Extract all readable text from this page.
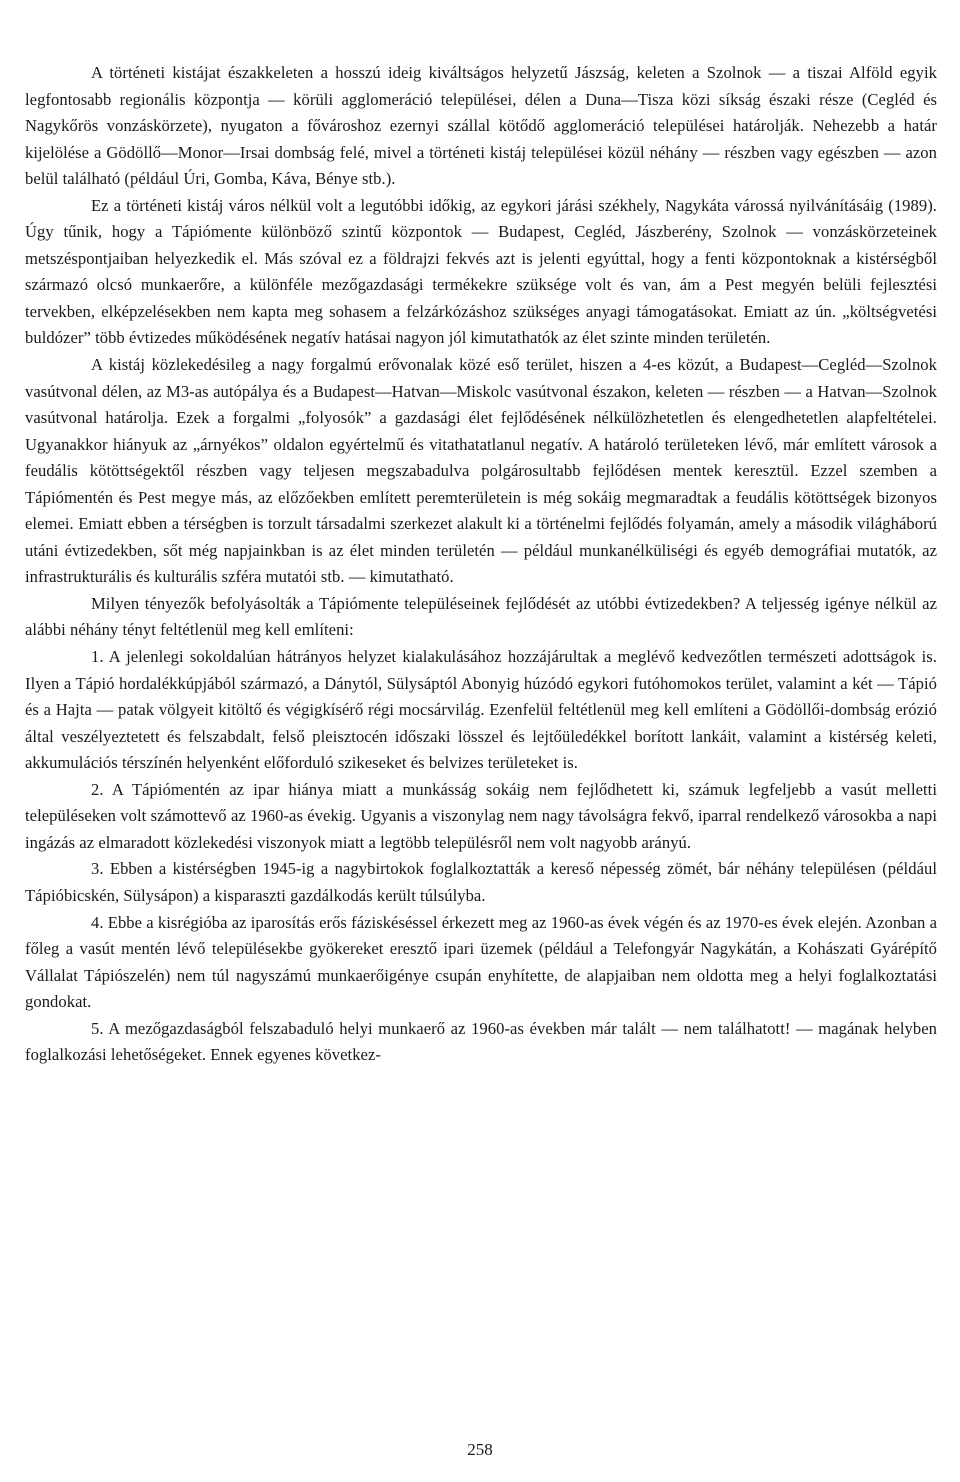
A történeti kistájat északkeleten a hosszú ideig kiváltságos helyzetű Jászság, keleten a Szolnok — a tiszai Alföld egyik legfontosabb regionális központja — körüli agglomeráció települései, délen a Duna—Tisza közi síkság északi része (Cegléd és Nagykőrös vonzáskörzete), nyugaton a fővároshoz ezernyi szállal kötődő agglomeráció települései határolják. Nehezebb a határ kijelölése a Gödöllő—Monor—Irsai dombság felé, mivel a történeti kistáj települései közül néhány — részben vagy egészben — azon belül található (például Úri, Gomba, Káva, Bénye stb.).

Ez a történeti kistáj város nélkül volt a legutóbbi időkig, az egykori járási székhely, Nagykáta várossá nyilvánításáig (1989). Úgy tűnik, hogy a Tápiómente különböző szintű központok — Budapest, Cegléd, Jászberény, Szolnok — vonzáskörzeteinek metszéspontjaiban helyezkedik el. Más szóval ez a földrajzi fekvés azt is jelenti egyúttal, hogy a fenti központoknak a kistérségből származó olcsó munkaerőre, a különféle mezőgazdasági termékekre szüksége volt és van, ám a Pest megyén belüli fejlesztési tervekben, elképzelésekben nem kapta meg sohasem a felzárkózáshoz szükséges anyagi támogatásokat. Emiatt az ún. „költségvetési buldózer” több évtizedes működésének negatív hatásai nagyon jól kimutathatók az élet szinte minden területén.

A kistáj közlekedésileg a nagy forgalmú erővonalak közé eső terület, hiszen a 4-es közút, a Budapest—Cegléd—Szolnok vasútvonal délen, az M3-as autópálya és a Budapest—Hatvan—Miskolc vasútvonal északon, keleten — részben — a Hatvan—Szolnok vasútvonal határolja. Ezek a forgalmi „folyosók” a gazdasági élet fejlődésének nélkülözhetetlen és elengedhetetlen alapfeltételei. Ugyanakkor hiányuk az „árnyékos” oldalon egyértelmű és vitathatatlanul negatív. A határoló területeken lévő, már említett városok a feudális kötöttségektől részben vagy teljesen megszabadulva polgárosultabb fejlődésen mentek keresztül. Ezzel szemben a Tápiómentén és Pest megye más, az előzőekben említett peremterületein is még sokáig megmaradtak a feudális kötöttségek bizonyos elemei. Emiatt ebben a térségben is torzult társadalmi szerkezet alakult ki a történelmi fejlődés folyamán, amely a második világháború utáni évtizedekben, sőt még napjainkban is az élet minden területén — például munkanélküliségi és egyéb demográfiai mutatók, az infrastrukturális és kulturális szféra mutatói stb. — kimutatható.

Milyen tényezők befolyásolták a Tápiómente településeinek fejlődését az utóbbi évtizedekben? A teljesség igénye nélkül az alábbi néhány tényt feltétlenül meg kell említeni:

1. A jelenlegi sokoldalúan hátrányos helyzet kialakulásához hozzájárultak a meglévő kedvezőtlen természeti adottságok is. Ilyen a Tápió hordalékkúpjából származó, a Dánytól, Sülysáptól Abonyig húzódó egykori futóhomokos terület, valamint a két — Tápió és a Hajta — patak völgyeit kitöltő és végigkísérő régi mocsárvilág. Ezenfelül feltétlenül meg kell említeni a Gödöllői-dombság erózió által veszélyeztetett és felszabdalt, felső pleisztocén időszaki lösszel és lejtőüledékkel borított lankáit, valamint a kistérség keleti, akkumulációs térszínén helyenként előforduló szikeseket és belvizes területeket is.

2. A Tápiómentén az ipar hiánya miatt a munkásság sokáig nem fejlődhetett ki, számuk legfeljebb a vasút melletti településeken volt számottevő az 1960-as évekig. Ugyanis a viszonylag nem nagy távolságra fekvő, iparral rendelkező városokba a napi ingázás az elmaradott közlekedési viszonyok miatt a legtöbb településről nem volt nagyobb arányú.

3. Ebben a kistérségben 1945-ig a nagybirtokok foglalkoztatták a kereső népesség zömét, bár néhány településen (például Tápióbicskén, Sülysápon) a kisparaszti gazdálkodás került túlsúlyba.

4. Ebbe a kisrégióba az iparosítás erős fáziskéséssel érkezett meg az 1960-as évek végén és az 1970-es évek elején. Azonban a főleg a vasút mentén lévő településekbe gyökereket eresztő ipari üzemek (például a Telefongyár Nagykátán, a Kohászati Gyárépítő Vállalat Tápiószelén) nem túl nagyszámú munkaerőigénye csupán enyhítette, de alapjaiban nem oldotta meg a helyi foglalkoztatási gondokat.

5. A mezőgazdaságból felszabaduló helyi munkaerő az 1960-as években már talált — nem találhatott! — magának helyben foglalkozási lehetőségeket. Ennek egyenes következ-

258
